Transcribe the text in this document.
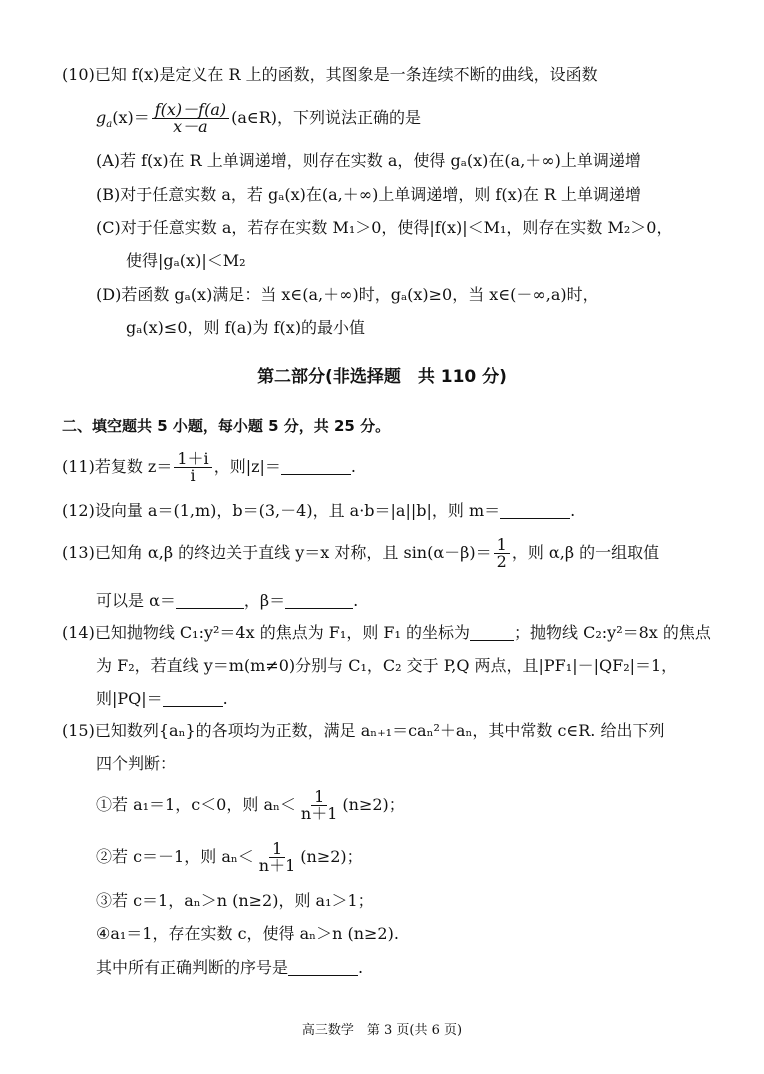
(10)已知 f(x)是定义在 R 上的函数，其图象是一条连续不断的曲线，设函数
$g_a(x)= \frac{f(x)-f(a)}{x-a}$ (a∈R)，下列说法正确的是
(A)若 f(x)在 R 上单调递增，则存在实数 a，使得 gₐ(x)在(a,＋∞)上单调递增
(B)对于任意实数 a，若 gₐ(x)在(a,＋∞)上单调递增，则 f(x)在 R 上单调递增
(C)对于任意实数 a，若存在实数 M₁＞0，使得|f(x)|＜M₁，则存在实数 M₂＞0，
使得|gₐ(x)|＜M₂
(D)若函数 gₐ(x)满足：当 x∈(a,＋∞)时，gₐ(x)≥0，当 x∈(－∞,a)时，
gₐ(x)≤0，则 f(a)为 f(x)的最小值
第二部分(非选择题　共 110 分)
二、填空题共 5 小题，每小题 5 分，共 25 分。
(11)若复数 $z= \frac{1+i}{i}$ ，则|z|＝	.
(12)设向量 a＝(1,m)，b＝(3,－4)，且 a·b＝|a||b|，则 m＝	.
(13)已知角 α,β 的终边关于直线 y＝x 对称，且 $\sin(\alpha-\beta)= \frac{1}{2}$ ，则 α,β 的一组取值
可以是 α＝	，β＝	.
(14)已知抛物线 C₁:y²＝4x 的焦点为 F₁，则 F₁ 的坐标为	；抛物线 C₂:y²＝8x 的焦点
为 F₂，若直线 y＝m(m≠0)分别与 C₁，C₂ 交于 P,Q 两点，且|PF₁|－|QF₂|＝1，
则|PQ|＝	.
(15)已知数列{aₙ}的各项均为正数，满足 aₙ₊₁＝caₙ²＋aₙ，其中常数 c∈R. 给出下列
四个判断：
①若 a₁＝1，c＜0，则 $a_n< \frac{1}{n+1} (n\ge 2)$；
②若 c＝－1，则 $a_n< \frac{1}{n+1} (n\ge 2)$；
③若 c＝1，aₙ＞n (n≥2)，则 a₁＞1；
④a₁＝1，存在实数 c，使得 aₙ＞n (n≥2).
其中所有正确判断的序号是	.
高三数学　第 3 页(共 6 页)
